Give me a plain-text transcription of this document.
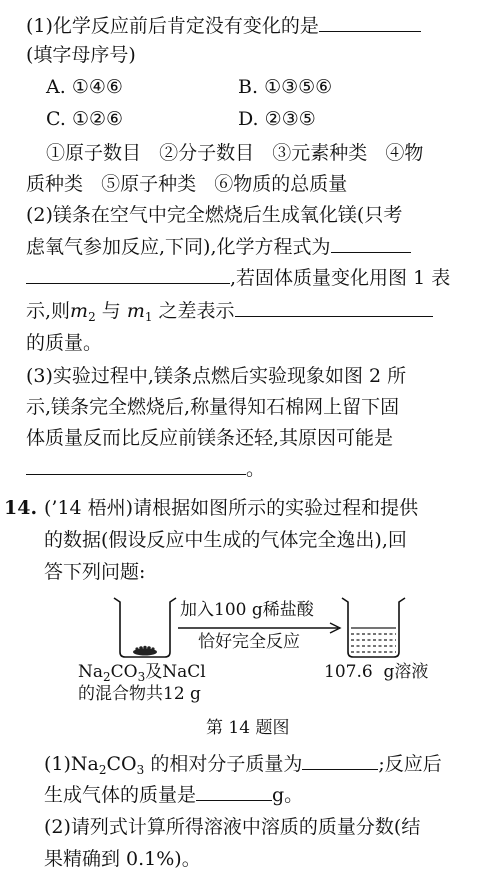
(1)化学反应前后肯定没有变化的是
(填字母序号)
A. ①④⑥	B. ①③⑤⑥
C. ①②⑥	D. ②③⑤
①原子数目   ②分子数目   ③元素种类   ④物
质种类   ⑤原子种类   ⑥物质的总质量
(2)镁条在空气中完全燃烧后生成氧化镁(只考
虑氧气参加反应,下同),化学方程式为
,若固体质量变化用图 1 表
示,则$m_2$ 与 $m_1$ 之差表示
的质量。
(3)实验过程中,镁条点燃后实验现象如图 2 所
示,镁条完全燃烧后,称量得知石棉网上留下固
体质量反而比反应前镁条还轻,其原因可能是
。
14. (’14 梧州)请根据如图所示的实验过程和提供
的数据(假设反应中生成的气体完全逸出),回
答下列问题:
加入100 g稀盐酸
恰好完全反应
$Na_2CO_3$及NaCl
的混合物共12 g
107.6  g溶液
第 14 题图
$(1)Na_2CO_3$ 的相对分子质量为	;反应后
生成气体的质量是	g。
(2)请列式计算所得溶液中溶质的质量分数(结
果精确到 0.1%)。
